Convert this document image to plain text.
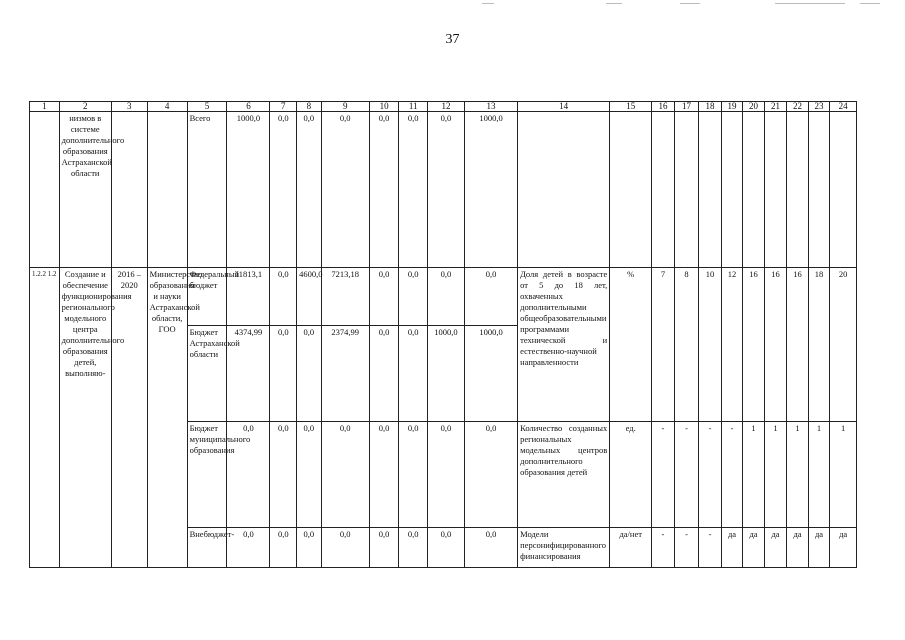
37
1	2	3	4	5	6	7	8	9	10	11	12	13	14	15	16	17	18	19	20	21	22	23	24
	низмов в системе дополнительного образования Астраханской области			Всего	1000,0	0,0	0,0	0,0	0,0	0,0	0,0	1000,0											
1.2.2 1.2	Создание и обеспечение функционирования регионального модельного центра дополнительного образования детей, выполняю-	2016 – 2020	Министерство образования и науки Астраханской области, ГОО	Федеральный бюджет	11813,1	0,0	4600,0	7213,18	0,0	0,0	0,0	0,0	Доля детей в возрасте от 5 до 18 лет, охваченных дополнительными общеобразовательными программами технической и естественно-научной направленности	%	7	8	10	12	16	16	16	18	20
				Бюджет Астраханской области	4374,99	0,0	0,0	2374,99	0,0	0,0	1000,0	1000,0											
				Бюджет муниципального образования	0,0	0,0	0,0	0,0	0,0	0,0	0,0	0,0	Количество созданных региональных модельных центров дополнительного образования детей	ед.	-	-	-	-	1	1	1	1	1
				Внебюджет-	0,0	0,0	0,0	0,0	0,0	0,0	0,0	0,0	Модели персонифицированного финансирования	да/нет	-	-	-	да	да	да	да	да	да
